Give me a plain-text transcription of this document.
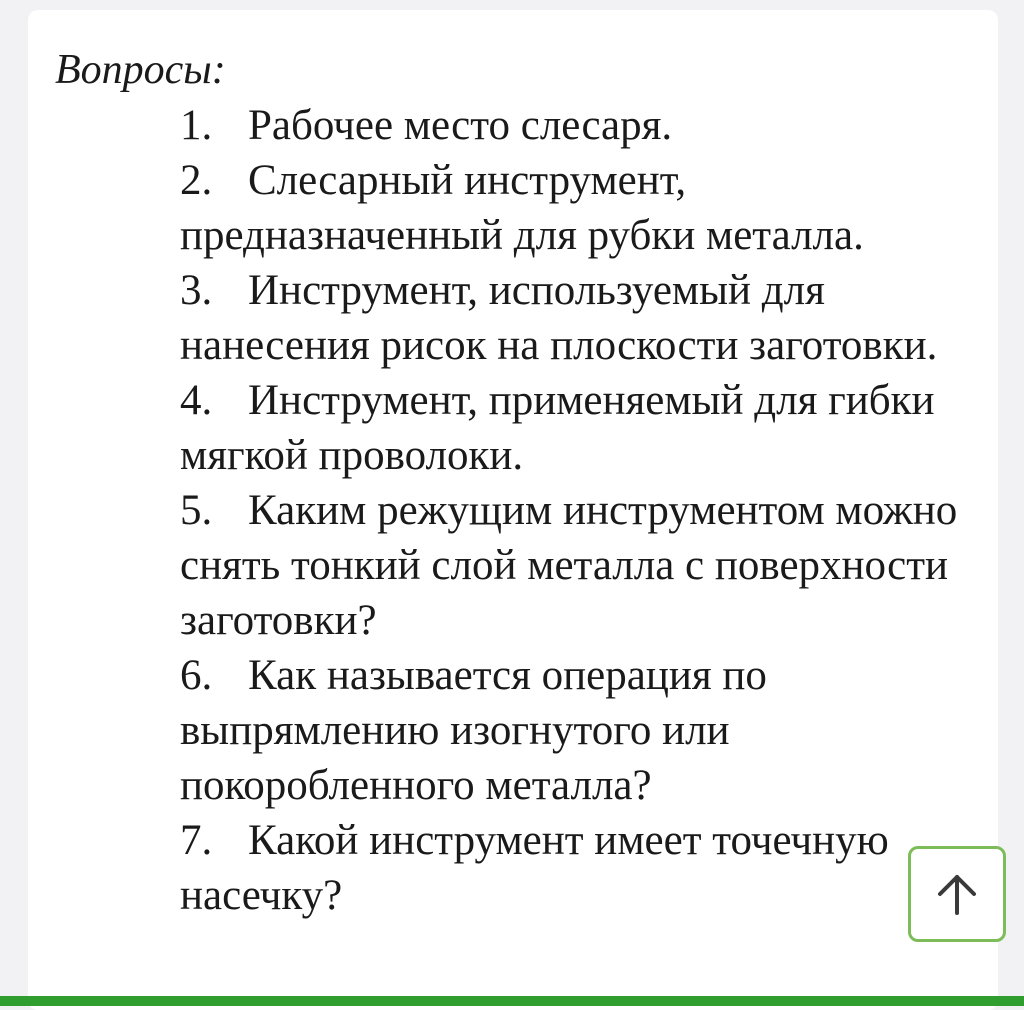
Вопросы:

1. Рабочее место слесаря.
2. Слесарный инструмент, предназначенный для рубки металла.
3. Инструмент, используемый для нанесения рисок на плоскости заготовки.
4. Инструмент, применяемый для гибки мягкой проволоки.
5. Каким режущим инструментом можно снять тонкий слой металла с поверхности заготовки?
6. Как называется операция по выпрямлению изогнутого или покоробленного металла?
7. Какой инструмент имеет точечную насечку?
